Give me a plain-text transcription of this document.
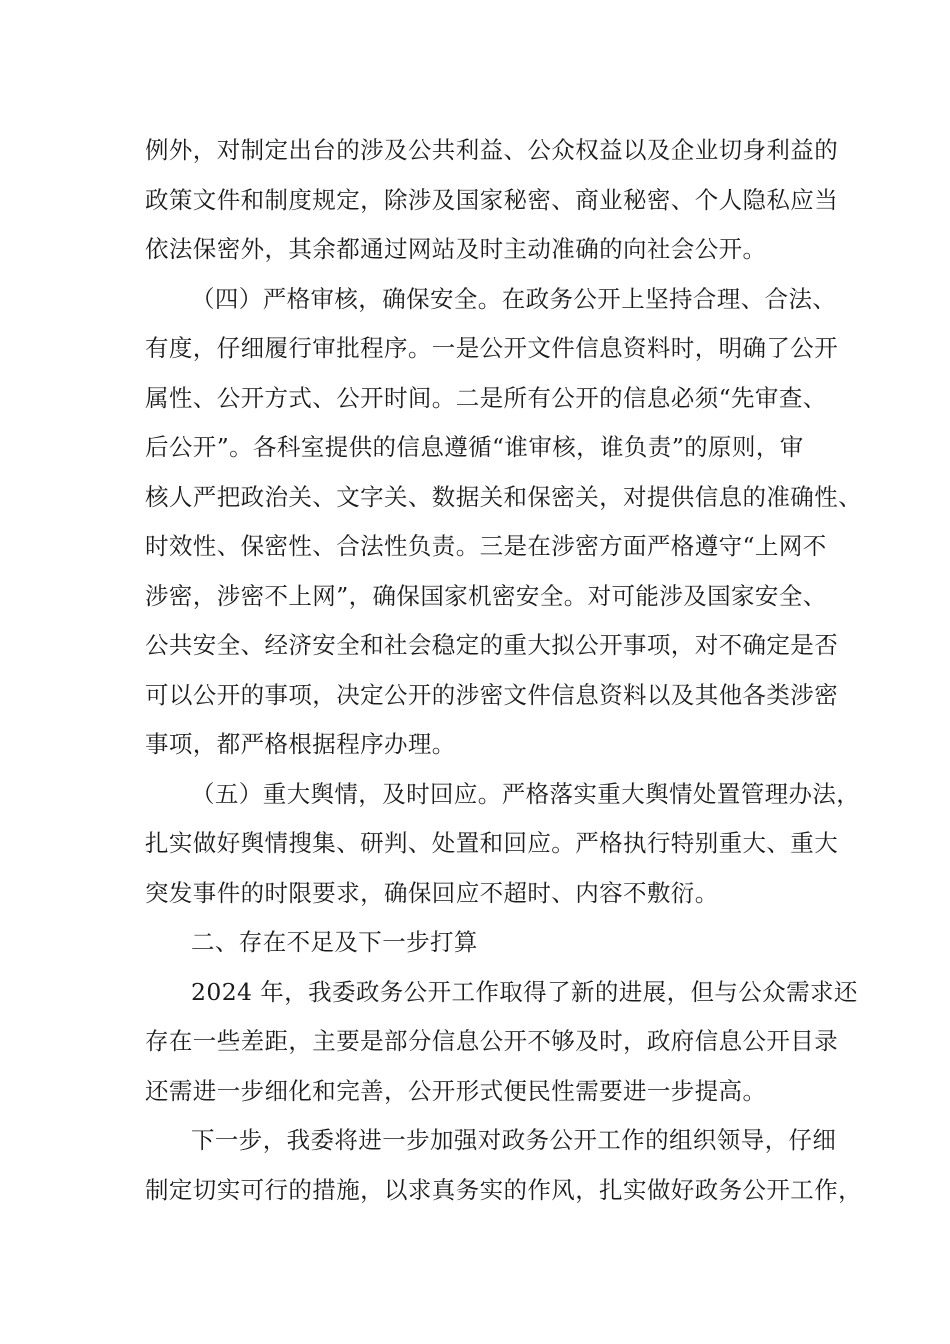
例外，对制定出台的涉及公共利益、公众权益以及企业切身利益的
政策文件和制度规定，除涉及国家秘密、商业秘密、个人隐私应当
依法保密外，其余都通过网站及时主动准确的向社会公开。
（四）严格审核，确保安全。在政务公开上坚持合理、合法、
有度，仔细履行审批程序。一是公开文件信息资料时，明确了公开
属性、公开方式、公开时间。二是所有公开的信息必须“先审查、
后公开”。各科室提供的信息遵循“谁审核，谁负责”的原则，审
核人严把政治关、文字关、数据关和保密关，对提供信息的准确性、
时效性、保密性、合法性负责。三是在涉密方面严格遵守“上网不
涉密，涉密不上网”，确保国家机密安全。对可能涉及国家安全、
公共安全、经济安全和社会稳定的重大拟公开事项，对不确定是否
可以公开的事项，决定公开的涉密文件信息资料以及其他各类涉密
事项，都严格根据程序办理。
（五）重大舆情，及时回应。严格落实重大舆情处置管理办法，
扎实做好舆情搜集、研判、处置和回应。严格执行特别重大、重大
突发事件的时限要求，确保回应不超时、内容不敷衍。
二、存在不足及下一步打算
2024 年，我委政务公开工作取得了新的进展，但与公众需求还
存在一些差距，主要是部分信息公开不够及时，政府信息公开目录
还需进一步细化和完善，公开形式便民性需要进一步提高。
下一步，我委将进一步加强对政务公开工作的组织领导，仔细
制定切实可行的措施，以求真务实的作风，扎实做好政务公开工作，
